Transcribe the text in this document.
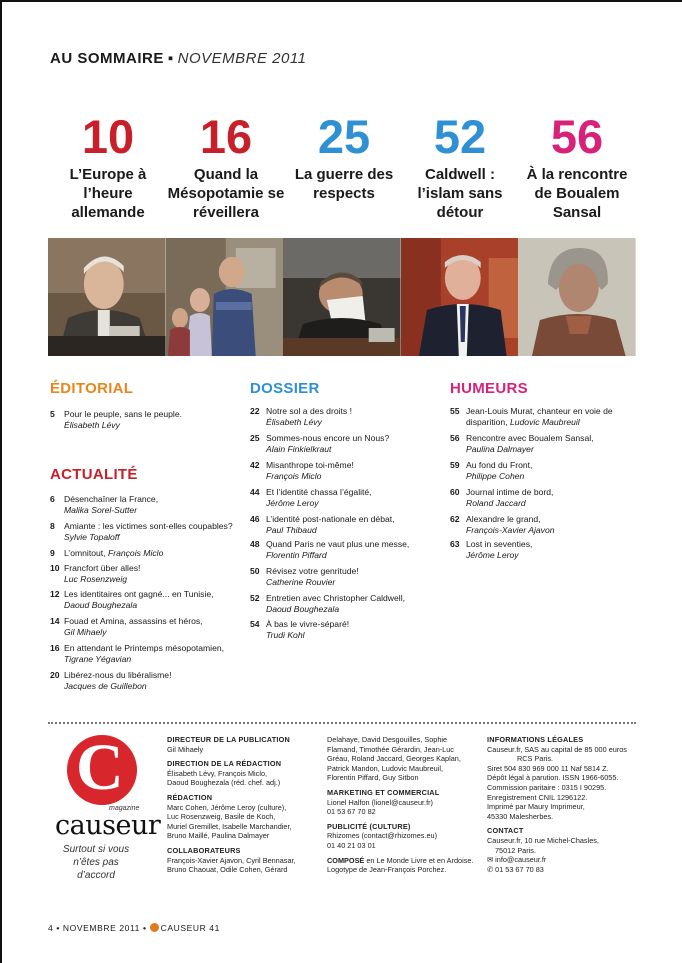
AU SOMMAIRE ▪ NOVEMBRE 2011
10
L’Europe à l’heure allemande
16
Quand la Mésopotamie se réveillera
25
La guerre des respects
52
Caldwell : l’islam sans détour
56
À la rencontre de Boualem Sansal
ÉDITORIAL
5	Pour le peuple, sans le peuple.
Élisabeth Lévy
ACTUALITÉ
6	Désenchaîner la France,
Malika Sorel-Sutter
8	Amiante : les victimes sont-elles coupables? Sylvie Topaloff
9	L’omnitout, François Miclo
10 Francfort über alles!
Luc Rosenzweig
12 Les identitaires ont gagné... en Tunisie,
Daoud Boughezala
14 Fouad et Amina, assassins et héros,
Gil Mihaely
16 En attendant le Printemps mésopotamien, Tigrane Yégavian
20 Libérez-nous du libéralisme!
Jacques de Guillebon
DOSSIER
22 Notre sol a des droits !
Élisabeth Lévy
25 Sommes-nous encore un Nous?
Alain Finkielkraut
42 Misanthrope toi-même!
François Miclo
44 Et l’identité chassa l’égalité,
Jérôme Leroy
46 L’identité post-nationale en débat,
Paul Thibaud
48 Quand Paris ne vaut plus une messe,
Florentin Piffard
50 Révisez votre genritude!
Catherine Rouvier
52 Entretien avec Christopher Caldwell,
Daoud Boughezala
54 À bas le vivre-séparé!
Trudi Kohl
HUMEURS
55 Jean-Louis Murat, chanteur en voie de disparition, Ludovic Maubreuil
56 Rencontre avec Boualem Sansal,
Paulina Dalmayer
59 Au fond du Front,
Philippe Cohen
60 Journal intime de bord,
Roland Jaccard
62 Alexandre le grand,
François-Xavier Ajavon
63 Lost in seventies,
Jérôme Leroy
C
magazine
causeur
Surtout si vous n’êtes pas d’accord
DIRECTEUR DE LA PUBLICATION
Gil Mihaely
DIRECTION DE LA RÉDACTION
Élisabeth Lévy, François Miclo,
Daoud Boughezala (réd. chef. adj.)
RÉDACTION
Marc Cohen, Jérôme Leroy (culture),
Luc Rosenzweig, Basile de Koch,
Muriel Gremillet, Isabelle Marchandier,
Bruno Maillé, Paulina Dalmayer
COLLABORATEURS
François-Xavier Ajavon, Cyril Bennasar,
Bruno Chaouat, Odile Cohen, Gérard
Delahaye, David Desgouilles, Sophie
Flamand, Timothée Gérardin, Jean-Luc
Gréau, Roland Jaccard, Georges Kaplan,
Patrick Mandon, Ludovic Maubreuil,
Florentin Piffard, Guy Sitbon
MARKETING ET COMMERCIAL
Lionel Halfon (lionel@causeur.fr)
01 53 67 70 82
PUBLICITÉ (CULTURE)
Rhizomes (contact@rhizomes.eu)
01 40 21 03 01
COMPOSÉ en Le Monde Livre et en Ardoise.
Logotype de Jean-François Porchez.
INFORMATIONS LÉGALES
Causeur.fr, SAS au capital de 85 000 euros
RCS Paris.
Siret 504 830 969 000 11 Naf 5814 Z.
Dépôt légal à parution. ISSN 1966-6055.
Commission paritaire : 0315 I 90295.
Enregistrement CNIL 1296122.
Imprimé par Maury Imprimeur,
45330 Malesherbes.
CONTACT
Causeur.fr, 10 rue Michel-Chasles,
75012 Paris.
✉ info@causeur.fr
✆ 01 53 67 70 83
4 • NOVEMBRE 2011 • CAUSEUR 41
